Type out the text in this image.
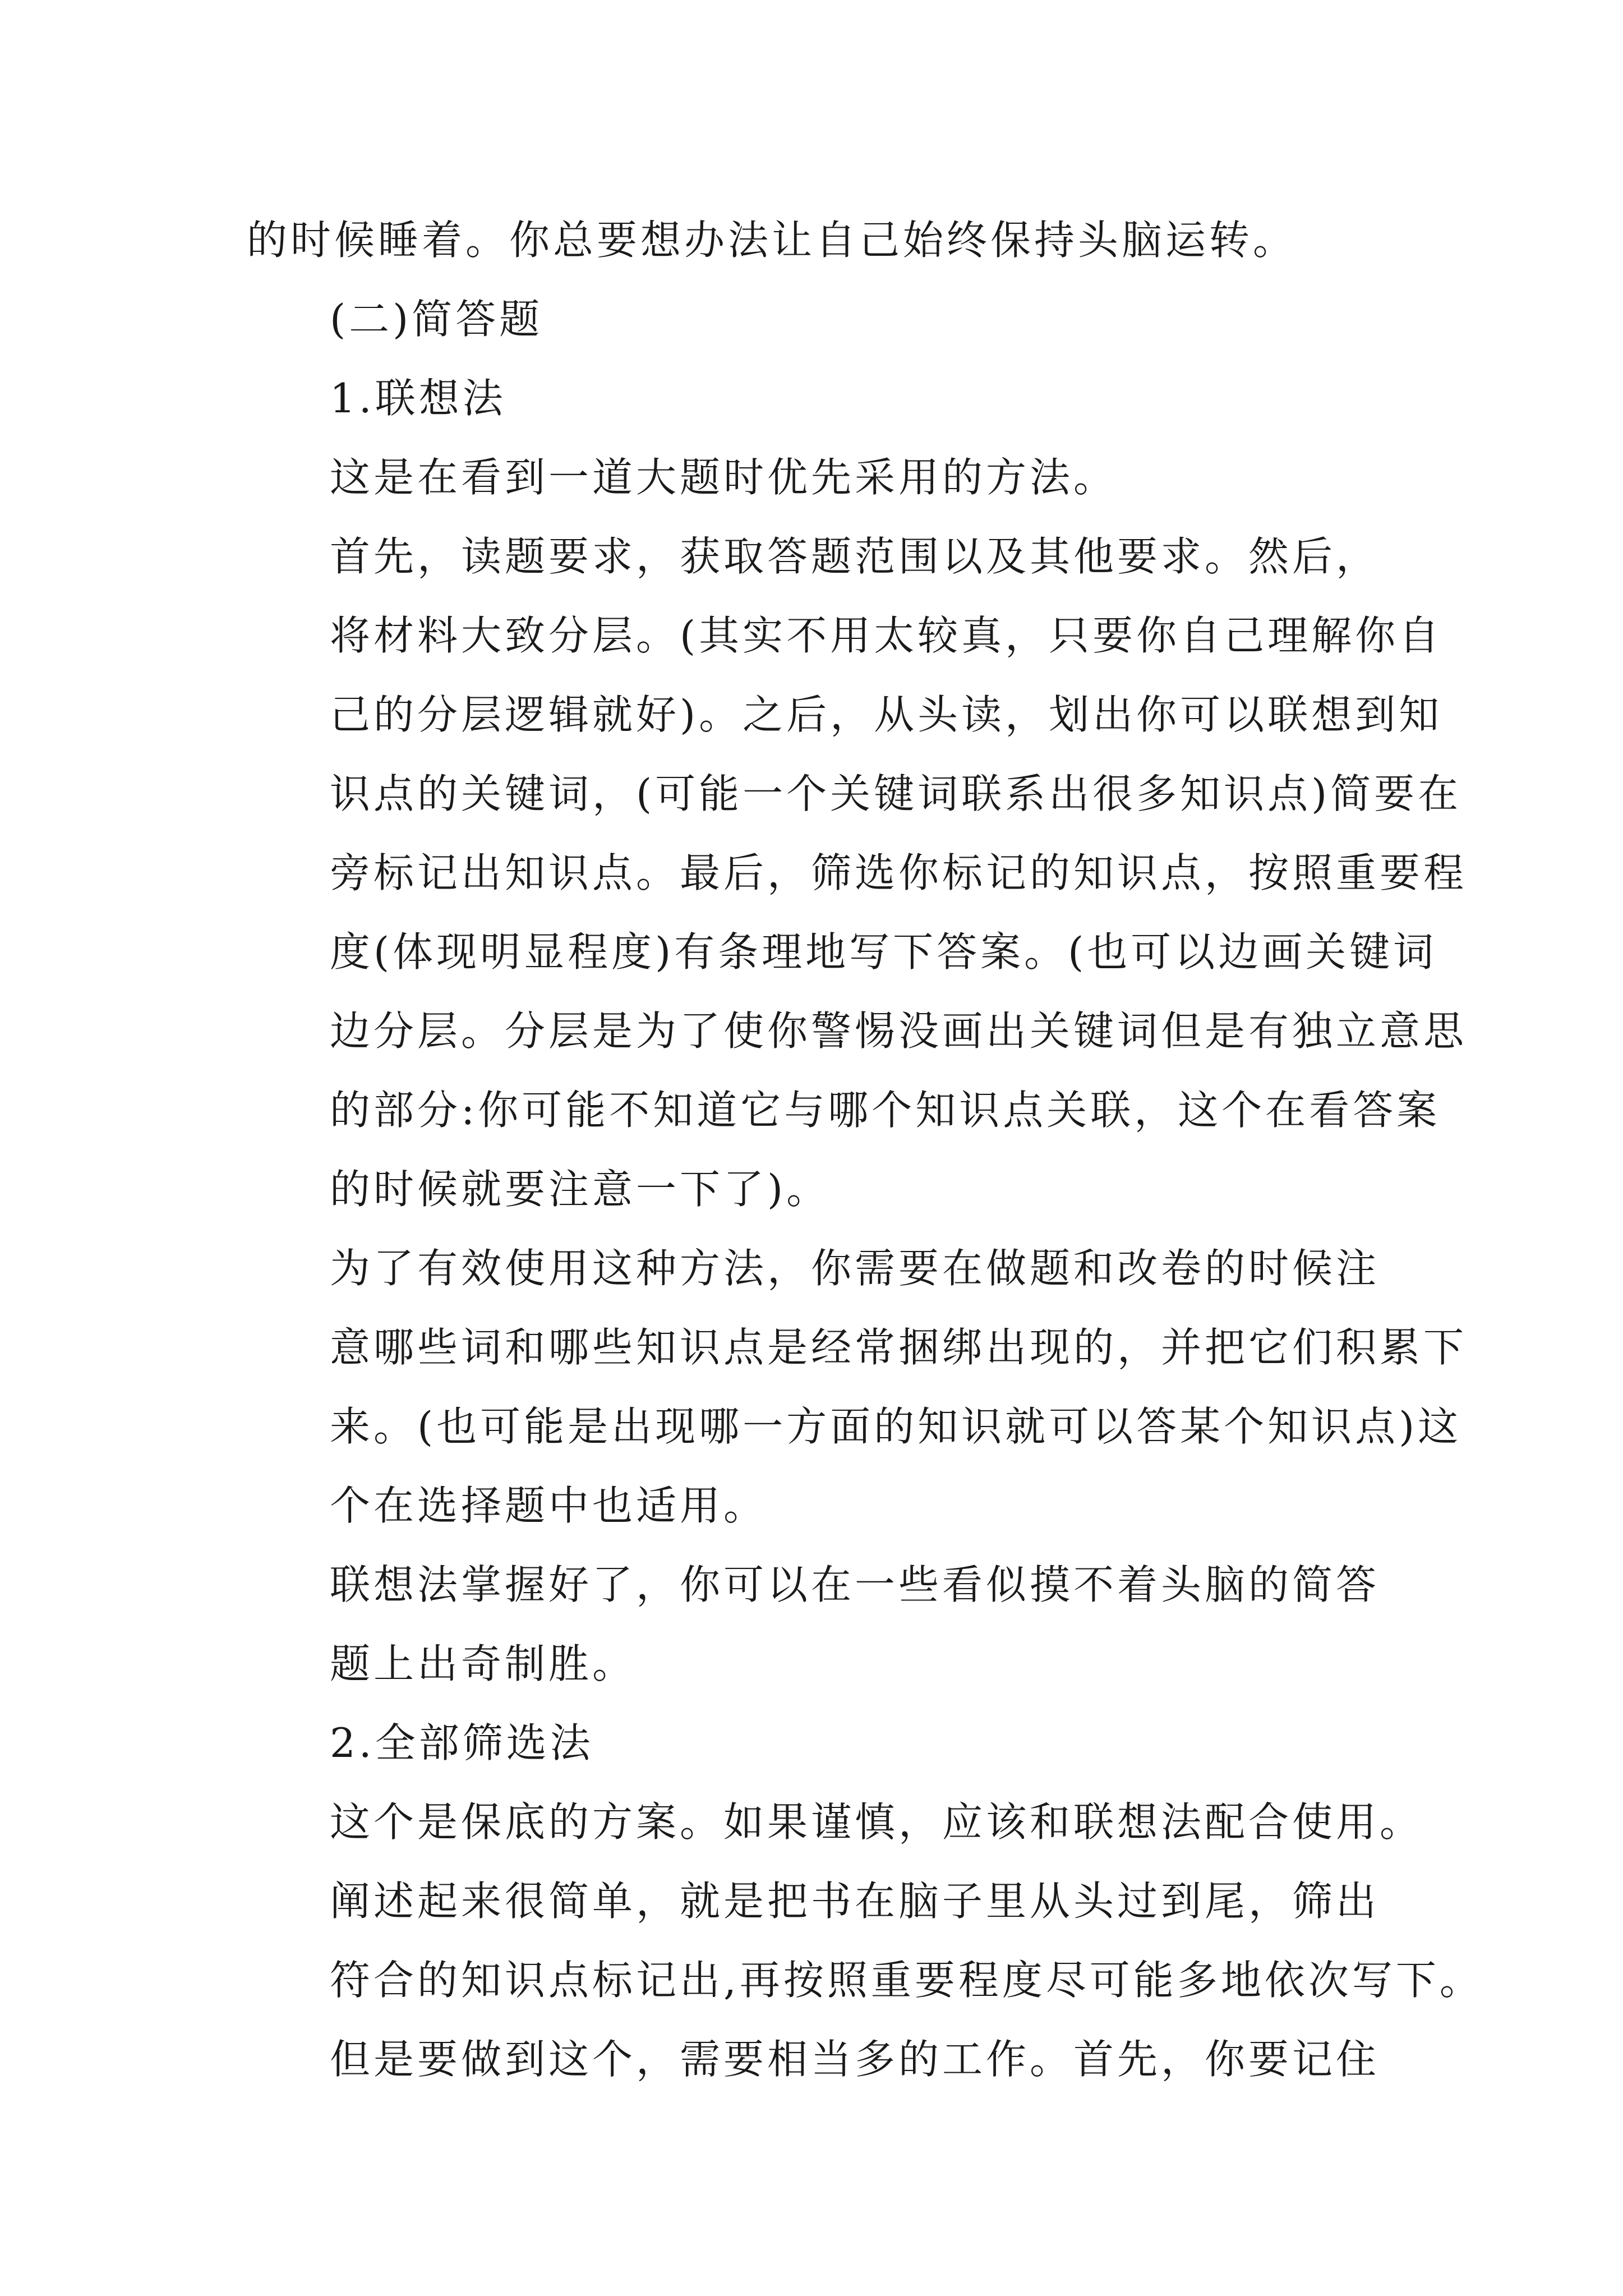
的时候睡着。你总要想办法让自己始终保持头脑运转。

(二)简答题

1.联想法

这是在看到一道大题时优先采用的方法。

首先，读题要求，获取答题范围以及其他要求。然后，
将材料大致分层。(其实不用太较真，只要你自己理解你自
己的分层逻辑就好)。之后，从头读，划出你可以联想到知
识点的关键词，(可能一个关键词联系出很多知识点)简要在
旁标记出知识点。最后，筛选你标记的知识点，按照重要程
度(体现明显程度)有条理地写下答案。(也可以边画关键词
边分层。分层是为了使你警惕没画出关键词但是有独立意思
的部分:你可能不知道它与哪个知识点关联，这个在看答案
的时候就要注意一下了)。

为了有效使用这种方法，你需要在做题和改卷的时候注
意哪些词和哪些知识点是经常捆绑出现的，并把它们积累下
来。(也可能是出现哪一方面的知识就可以答某个知识点)这
个在选择题中也适用。

联想法掌握好了，你可以在一些看似摸不着头脑的简答
题上出奇制胜。

2.全部筛选法

这个是保底的方案。如果谨慎，应该和联想法配合使用。

阐述起来很简单，就是把书在脑子里从头过到尾，筛出
符合的知识点标记出,再按照重要程度尽可能多地依次写下。

但是要做到这个，需要相当多的工作。首先，你要记住
